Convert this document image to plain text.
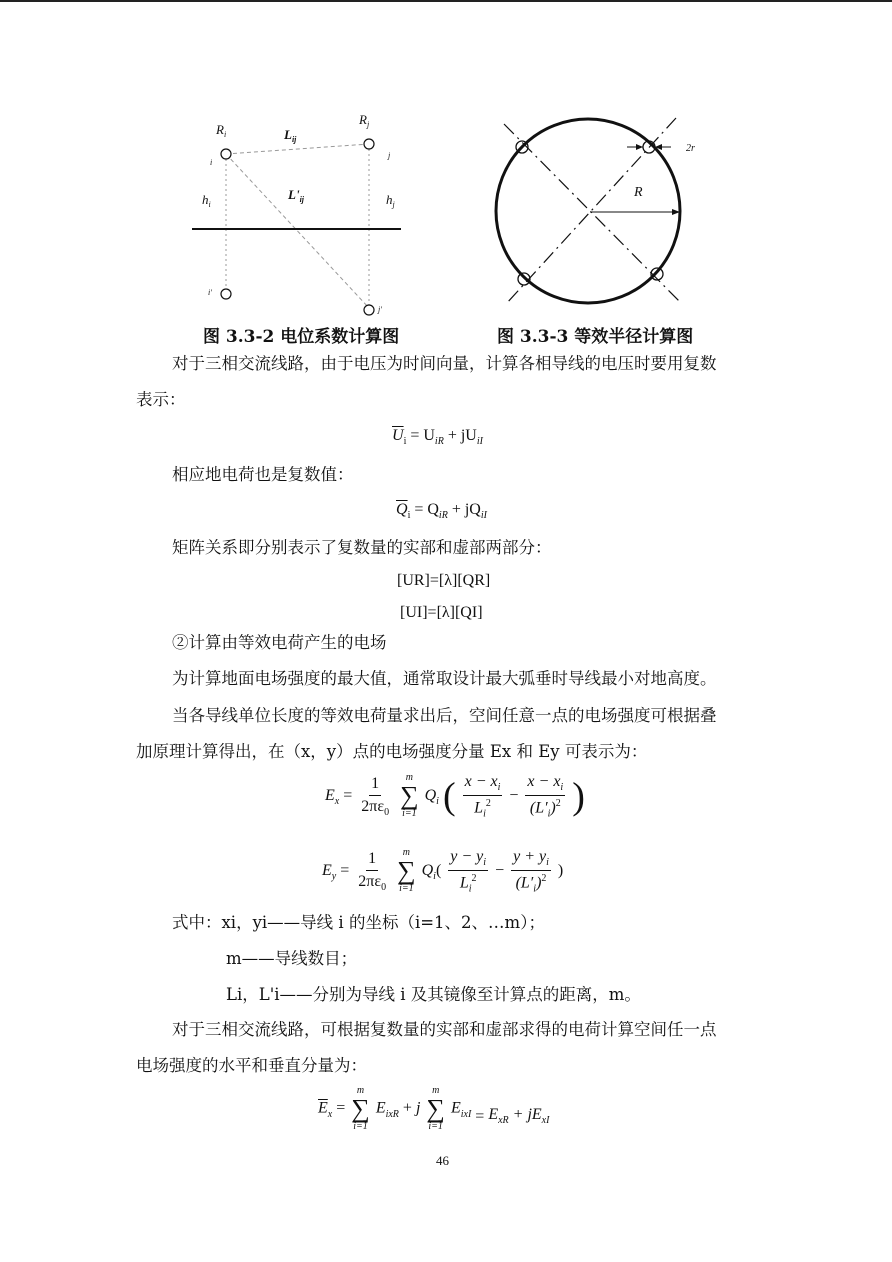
$R_i$
$R_j$
$L_{ij}$
$L'_{ij}$
$h_i$	$h_j$
i
j
i'
j'
图 3.3-2 电位系数计算图
R
2r
图 3.3-3 等效半径计算图
对于三相交流线路，由于电压为时间向量，计算各相导线的电压时要用复数
表示：
$\overline{U}_i = U_{iR} + jU_{iI}$
相应地电荷也是复数值：
$\overline{Q}_i = Q_{iR} + jQ_{iI}$
矩阵关系即分别表示了复数量的实部和虚部两部分：
[UR]=[λ][QR]
[UI]=[λ][QI]
②计算由等效电荷产生的电场
为计算地面电场强度的最大值，通常取设计最大弧垂时导线最小对地高度。
当各导线单位长度的等效电荷量求出后，空间任意一点的电场强度可根据叠
加原理计算得出，在（x，y）点的电场强度分量 Ex 和 Ey 可表示为：
$E_x = \frac{1}{2\pi\varepsilon_0}$
m
∑
i=1
$Q_i$ ( $\frac{x - x_i}{L_i^2} - \frac{x - x_i}{(L'_i)^2}$ )
$E_y = \frac{1}{2\pi\varepsilon_0}$
m
∑
i=1
$Q_i( \frac{y - y_i}{L_i^2} - \frac{y + y_i}{(L'_i)^2}$ )
式中：xi，yi——导线 i 的坐标（i=1、2、…m）；
m——导线数目；
Li，L'i——分别为导线 i 及其镜像至计算点的距离，m。
对于三相交流线路，可根据复数量的实部和虚部求得的电荷计算空间任一点
电场强度的水平和垂直分量为：
$\overline{E}_x$ =
m
∑
i=1
$E_{ixR} + j$
m
∑
i=1
$E_{ixI} = E_{xR} + jE_{xI}$
46
